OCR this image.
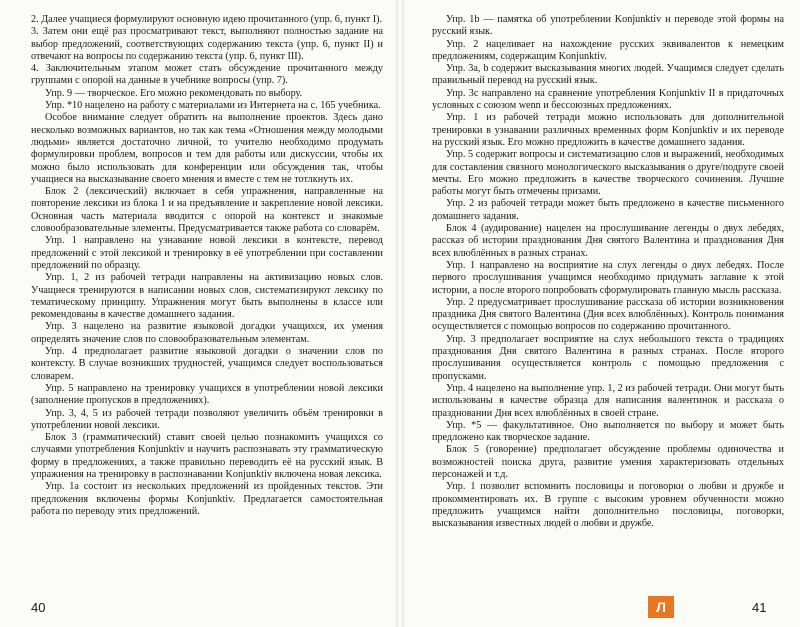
2. Далее учащиеся формулируют основную идею прочитанного (упр. 6, пункт I).

3. Затем они ещё раз просматривают текст, выполняют полностью задание на выбор предложений, соответствующих содержанию текста (упр. 6, пункт II) и отвечают на вопросы по содержанию текста (упр. 6, пункт III).

4. Заключительным этапом может стать обсуждение прочитанного между группами с опорой на данные в учебнике вопросы (упр. 7).

Упр. 9 — творческое. Его можно рекомендовать по выбору.

Упр. *10 нацелено на работу с материалами из Интернета на с. 165 учебника.

Особое внимание следует обратить на выполнение проектов. Здесь дано несколько возможных вариантов, но так как тема «Отношения между молодыми людьми» является достаточно личной, то учителю необходимо продумать формулировки проблем, вопросов и тем для работы или дискуссии, чтобы их можно было использовать для конференции или обсуждения так, чтобы учащиеся на высказывание своего мнения и вместе с тем не тотлкнуть их.

Блок 2 (лексический) включает в себя упражнения, направленные на повторение лексики из блока 1 и на предъявление и закрепление новой лексики. Основная часть материала вводится с опорой на контекст и знакомые словообразовательные элементы. Предусматривается также работа со словарём.

Упр. 1 направлено на узнавание новой лексики в контексте, перевод предложений с этой лексикой и тренировку в её употреблении при составлении предложений по образцу.

Упр. 1, 2 из рабочей тетради направлены на активизацию новых слов. Учащиеся тренируются в написании новых слов, систематизируют лексику по тематическому принципу. Упражнения могут быть выполнены в классе или рекомендованы в качестве домашнего задания.

Упр. 3 нацелено на развитие языковой догадки учащихся, их умения определять значение слов по словообразовательным элементам.

Упр. 4 предполагает развитие языковой догадки о значении слов по контексту. В случае возникших трудностей, учащимся следует воспользоваться словарем.

Упр. 5 направлено на тренировку учащихся в употреблении новой лексики (заполнение пропусков в предложениях).

Упр. 3, 4, 5 из рабочей тетради позволяют увеличить объём тренировки в употреблении новой лексики.

Блок 3 (грамматический) ставит своей целью познакомить учащихся со случаями употребления Konjunktiv и научить распознавать эту грамматическую форму в предложениях, а также правильно переводить её на русский язык. В упражнения на тренировку в распознавании Konjunktiv включена новая лексика.

Упр. 1a состоит из нескольких предложений из пройденных текстов. Эти предложения включены формы Konjunktiv. Предлагается самостоятельная работа по переводу этих предложений.

Упр. 1b — памятка об употреблении Konjunktiv и переводе этой формы на русский язык.

Упр. 2 нацеливает на нахождение русских эквивалентов к немецким предложениям, содержащим Konjunktiv.

Упр. 3a, b содержит высказывания многих людей. Учащимся следует сделать правильный перевод на русский язык.

Упр. 3c направлено на сравнение употребления Konjunktiv II в придаточных условных с союзом wenn и бессоюзных предложениях.

Упр. 1 из рабочей тетради можно использовать для дополнительной тренировки в узнавании различных временных форм Konjunktiv и их переводе на русский язык. Его можно предложить в качестве домашнего задания.

Упр. 5 содержит вопросы и систематизацию слов и выражений, необходимых для составления связного монологического высказывания о друге/подруге своей мечты. Его можно предложить в качестве творческого сочинения. Лучшие работы могут быть отмечены призами.

Упр. 2 из рабочей тетради может быть предложено в качестве письменного домашнего задания.

Блок 4 (аудирование) нацелен на прослушивание легенды о двух лебедях, рассказ об истории празднования Дня святого Валентина и празднования Дня всех влюблённых в разных странах.

Упр. 1 направлено на восприятие на слух легенды о двух лебедях. После первого прослушивания учащимся необходимо придумать заглавие к этой истории, а после второго попробовать сформулировать главную мысль рассказа.

Упр. 2 предусматривает прослушивание рассказа об истории возникновения праздника Дня святого Валентина (Дня всех влюблённых). Контроль понимания осуществляется с помощью вопросов по содержанию прочитанного.

Упр. 3 предполагает восприятие на слух небольшого текста о традициях празднования Дня святого Валентина в разных странах. После второго прослушивания осуществляется контроль с помощью предложения с пропусками.

Упр. 4 нацелено на выполнение упр. 1, 2 из рабочей тетради. Они могут быть использованы в качестве образца для написания валентинок и рассказа о праздновании Дня всех влюблённых в своей стране.

Упр. *5 — факультативное. Оно выполняется по выбору и может быть предложено как творческое задание.

Блок 5 (говорение) предполагает обсуждение проблемы одиночества и возможностей поиска друга, развитие умения характеризовать отдельных персонажей и т.д.

Упр. 1 позволит вспомнить пословицы и поговорки о любви и дружбе и прокомментировать их. В группе с высоким уровнем обученности можно предложить учащимся найти дополнительно пословицы, поговорки, высказывания известных людей о любви и дружбе.

40	41
Л
